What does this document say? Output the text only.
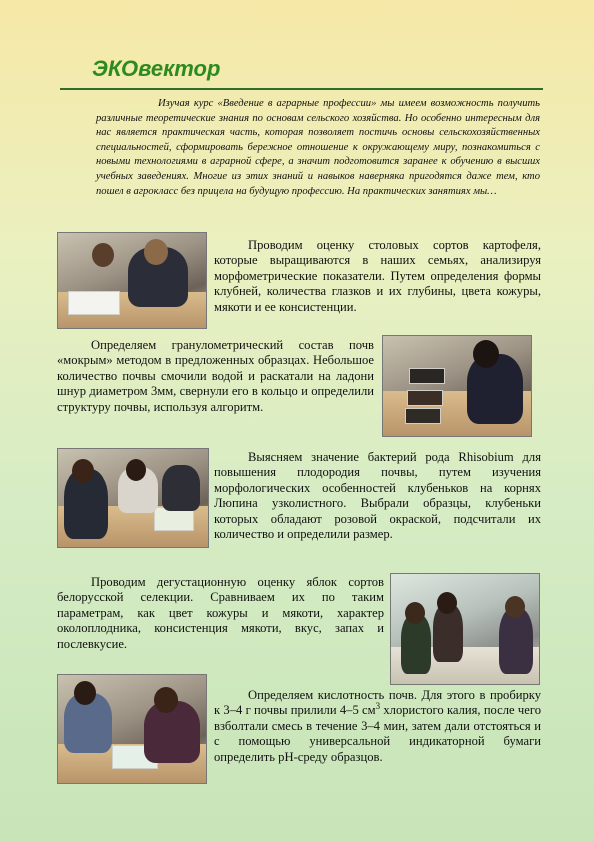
ЭКОвектор
Изучая курс «Введение в аграрные профессии» мы имеем возможность получить различные теоретические знания по основам сельского хозяйства. Но особенно интересным для нас является практическая часть, которая позволяет постичь основы сельскохозяйственных специальностей, сформировать бережное отношение к окружающему миру, познакомиться с новыми технологиями в аграрной сфере, а значит подготовится заранее к обучению в высших учебных заведениях. Многие из этих знаний и навыков наверняка пригодятся даже тем, кто пошел в агрокласс без прицела на будущую профессию. На практических занятиях мы…
Проводим оценку столовых сортов картофеля, которые выращиваются в наших семьях, анализируя морфометрические показатели. Путем определения формы клубней, количества глазков и их глубины, цвета кожуры, мякоти и ее консистенции.
Определяем гранулометрический состав почв «мокрым» методом в предложенных образцах. Небольшое количество почвы смочили водой и раскатали на ладони шнур диаметром 3мм, свернули его в кольцо и определили структуру почвы, используя алгоритм.
Выясняем значение бактерий рода Rhisobium для повышения плодородия почвы, путем изучения морфологических особенностей клубеньков на корнях Люпина узколистного. Выбрали образцы, клубеньки которых обладают розовой окраской, подсчитали их количество и определили размер.
Проводим дегустационную оценку яблок сортов белорусской селекции. Сравниваем их по таким параметрам, как цвет кожуры и мякоти, характер околоплодника, консистенция мякоти, вкус, запах и послевкусие.
Определяем кислотность почв. Для этого в пробирку к 3–4 г почвы прилили 4–5 $см^3$ хлористого калия, после чего взболтали смесь в течение 3–4 мин, затем дали отстояться и с помощью универсальной индикаторной бумаги определить рН-среду образцов.
